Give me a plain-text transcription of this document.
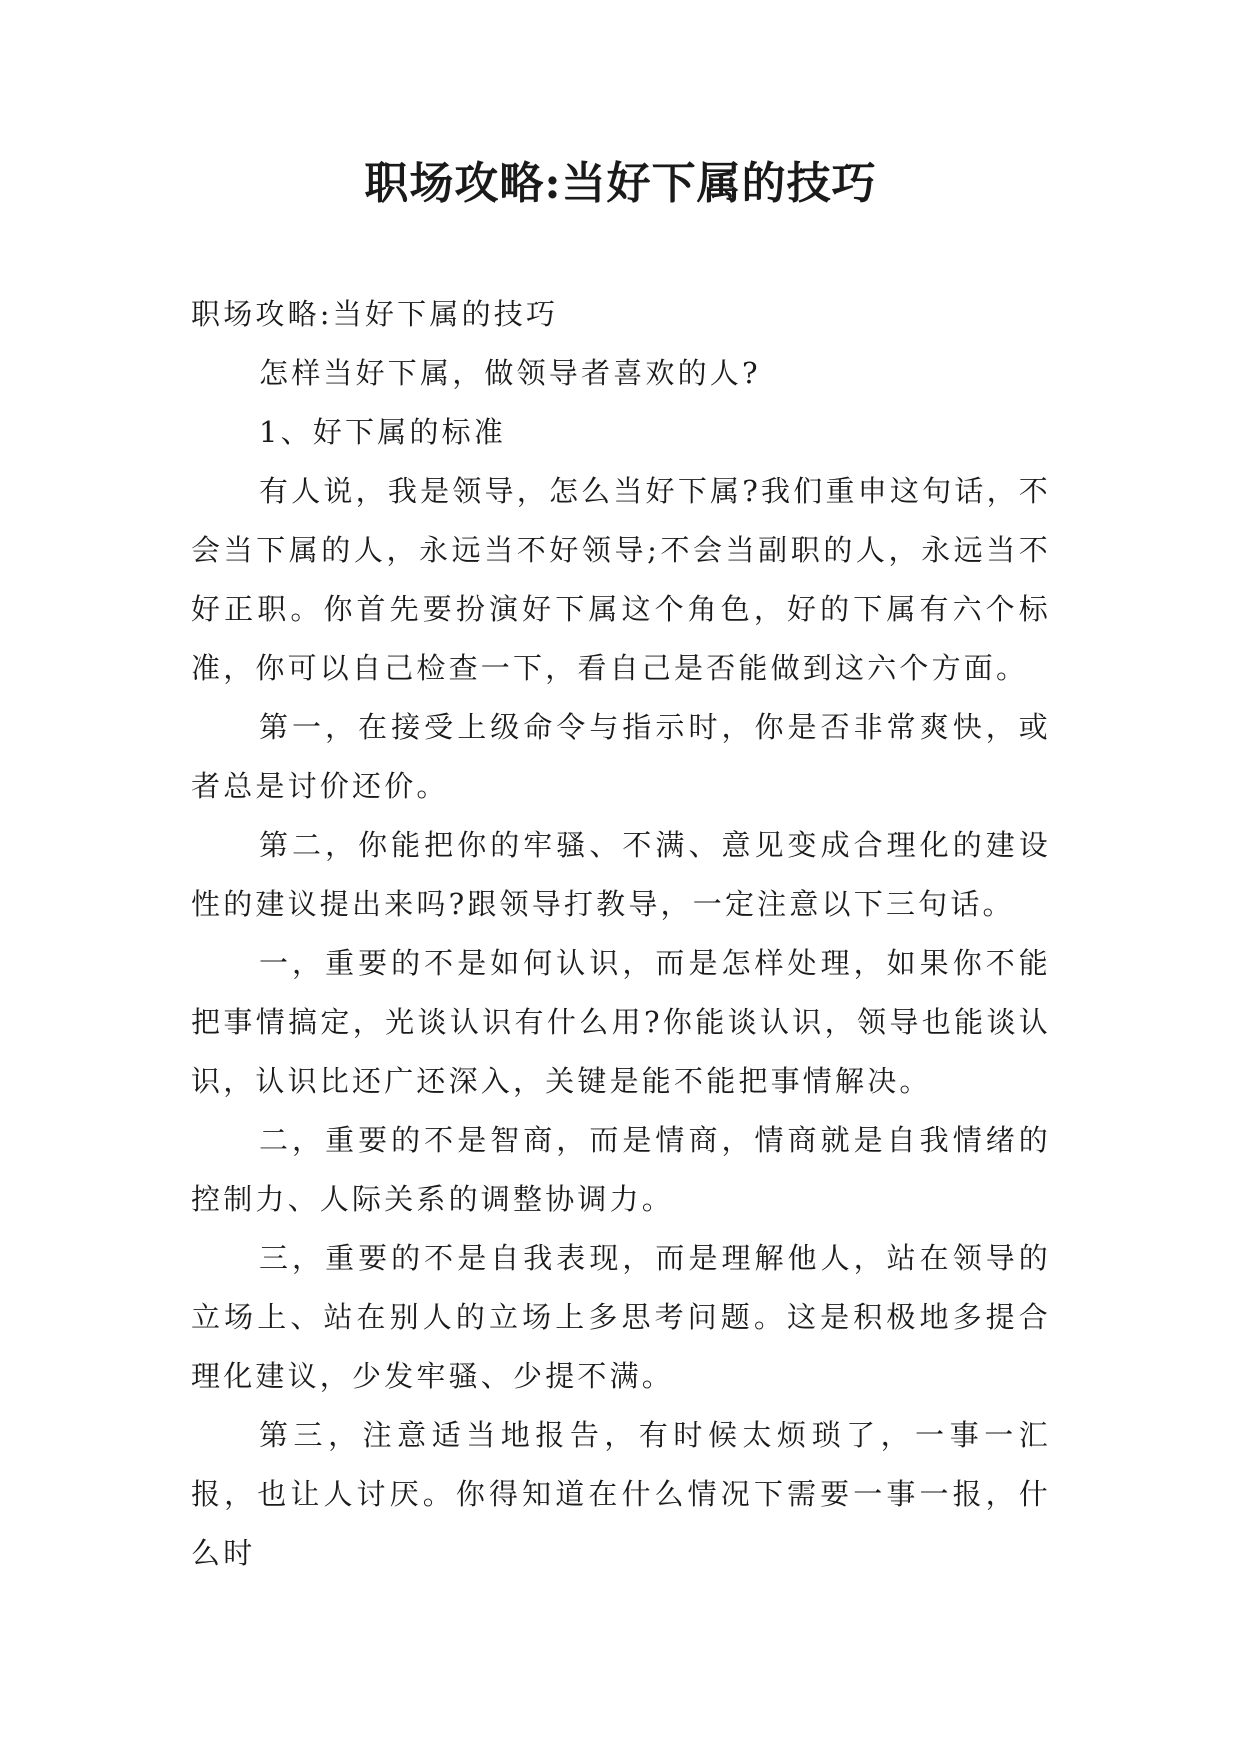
职场攻略:当好下属的技巧

职场攻略:当好下属的技巧

怎样当好下属，做领导者喜欢的人?

1、好下属的标准

有人说，我是领导，怎么当好下属?我们重申这句话，不会当下属的人，永远当不好领导;不会当副职的人，永远当不好正职。你首先要扮演好下属这个角色，好的下属有六个标准，你可以自己检查一下，看自己是否能做到这六个方面。

第一，在接受上级命令与指示时，你是否非常爽快，或者总是讨价还价。

第二，你能把你的牢骚、不满、意见变成合理化的建设性的建议提出来吗?跟领导打教导，一定注意以下三句话。

一，重要的不是如何认识，而是怎样处理，如果你不能把事情搞定，光谈认识有什么用?你能谈认识，领导也能谈认识，认识比还广还深入，关键是能不能把事情解决。

二，重要的不是智商，而是情商，情商就是自我情绪的控制力、人际关系的调整协调力。

三，重要的不是自我表现，而是理解他人，站在领导的立场上、站在别人的立场上多思考问题。这是积极地多提合理化建议，少发牢骚、少提不满。

第三，注意适当地报告，有时候太烦琐了，一事一汇报，也让人讨厌。你得知道在什么情况下需要一事一报，什么时
